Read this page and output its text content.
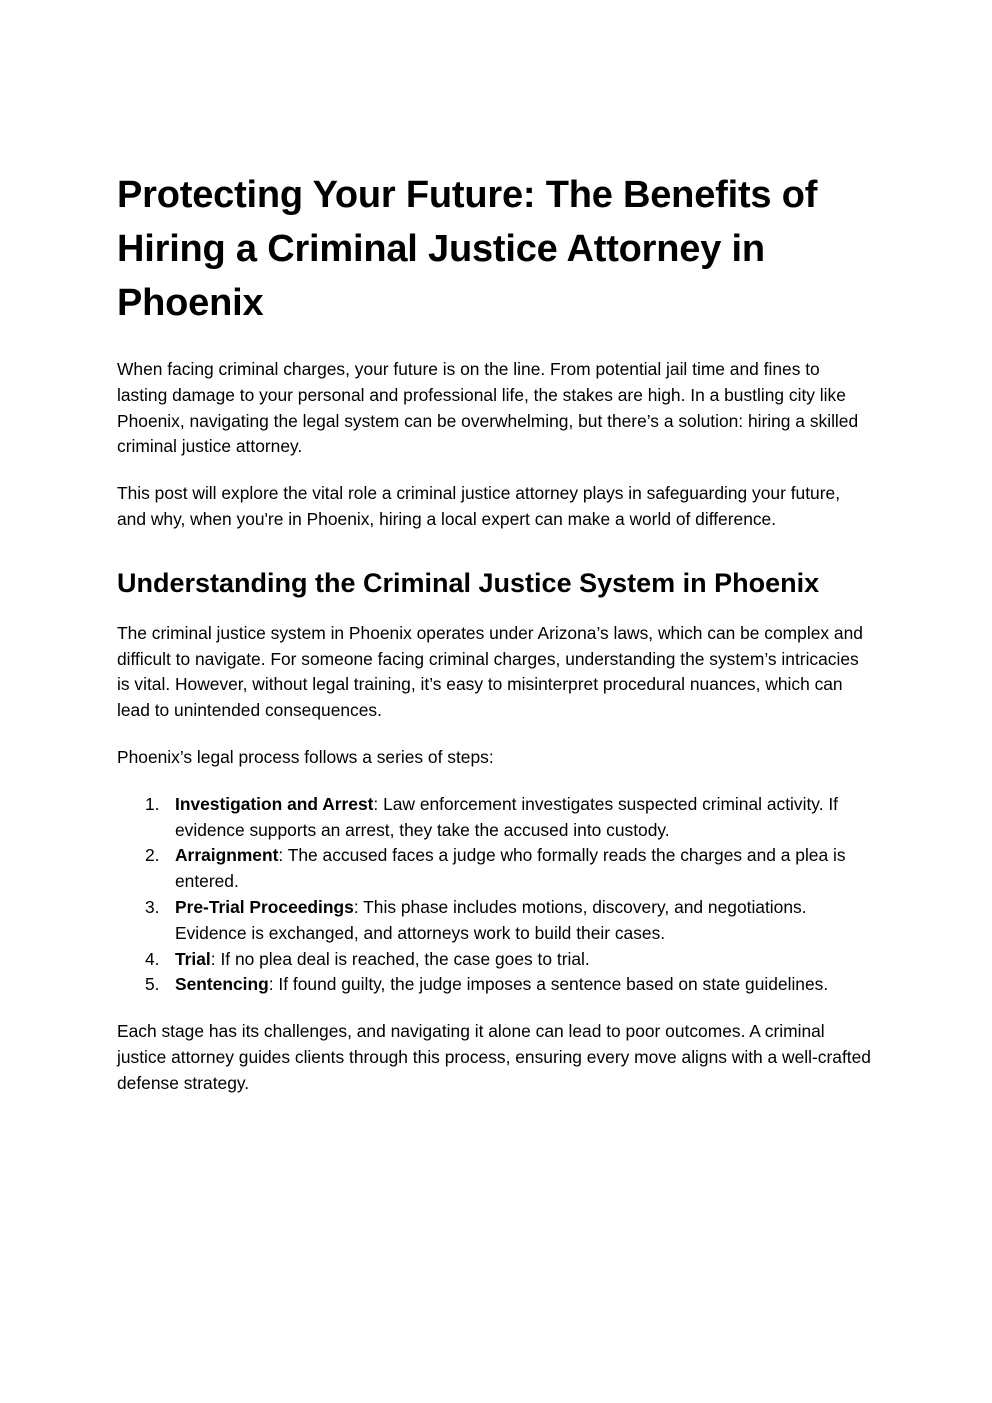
Protecting Your Future: The Benefits of Hiring a Criminal Justice Attorney in Phoenix

When facing criminal charges, your future is on the line. From potential jail time and fines to lasting damage to your personal and professional life, the stakes are high. In a bustling city like Phoenix, navigating the legal system can be overwhelming, but there’s a solution: hiring a skilled criminal justice attorney.

This post will explore the vital role a criminal justice attorney plays in safeguarding your future, and why, when you're in Phoenix, hiring a local expert can make a world of difference.

Understanding the Criminal Justice System in Phoenix

The criminal justice system in Phoenix operates under Arizona’s laws, which can be complex and difficult to navigate. For someone facing criminal charges, understanding the system’s intricacies is vital. However, without legal training, it’s easy to misinterpret procedural nuances, which can lead to unintended consequences.

Phoenix’s legal process follows a series of steps:

1. Investigation and Arrest: Law enforcement investigates suspected criminal activity. If evidence supports an arrest, they take the accused into custody.
2. Arraignment: The accused faces a judge who formally reads the charges and a plea is entered.
3. Pre-Trial Proceedings: This phase includes motions, discovery, and negotiations. Evidence is exchanged, and attorneys work to build their cases.
4. Trial: If no plea deal is reached, the case goes to trial.
5. Sentencing: If found guilty, the judge imposes a sentence based on state guidelines.

Each stage has its challenges, and navigating it alone can lead to poor outcomes. A criminal justice attorney guides clients through this process, ensuring every move aligns with a well-crafted defense strategy.
